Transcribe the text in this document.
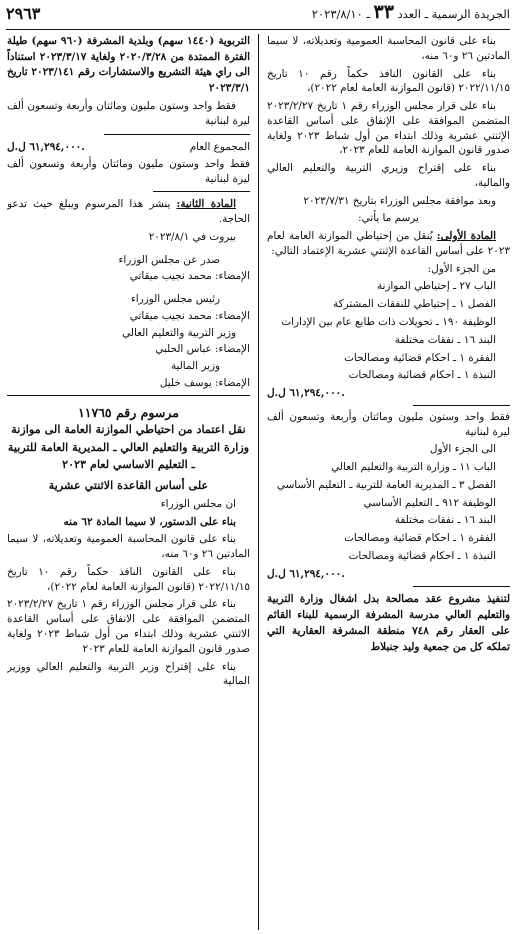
الجريدة الرسمية ـ العدد ٣٣ ـ ٢٠٢٣/٨/١٠
٢٩٦٣

بناء على قانون المحاسبة العمومية وتعديلاته، لا سيما المادتين ٢٦ و٦٠ منه،

بناء على القانون النافذ حكماً رقم ١٠ تاريخ ٢٠٢٢/١١/١٥ (قانون الموازنة العامة لعام ٢٠٢٢)،

بناء على قرار مجلس الوزراء رقم ١ تاريخ ٢٠٢٣/٢/٢٧ المتضمن الموافقة على الإنفاق على أساس القاعدة الإثنتي عشرية وذلك ابتداء من أول شباط ٢٠٢٣ ولغاية صدور قانون الموازنة العامة للعام ٢٠٢٣،

بناء على إقتراح وزيري التربية والتعليم العالي والمالية،

وبعد موافقة مجلس الوزراء بتاريخ ٢٠٢٣/٧/٣١

يرسم ما يأتي:

المادة الأولى: يُنقل من إحتياطي الموازنة العامة لعام ٢٠٢٣ على أساس القاعدة الإثنتي عشرية الإعتماد التالي:

من الجزء الأول:

الباب ٢٧ ـ إحتياطي الموازنة

الفصل ١ ـ إحتياطي للنفقات المشتركة

الوظيفة ١٩٠ ـ تحويلات ذات طابع عام بين الإدارات

البند ١٦ ـ نفقات مختلفة

الفقرة ١ ـ احكام قضائية ومصالحات

النبذة ١ ـ احكام قضائية ومصالحات

٦١,٢٩٤,٠٠٠ ل.ل.

فقط واحد وستون مليون ومائتان وأربعة وتسعون ألف ليرة لبنانية

الى الجزء الأول

الباب ١١ ـ وزارة التربية والتعليم العالي

الفصل ٣ ـ المديرية العامة للتربية ـ التعليم الأساسي

الوظيفة ٩١٢ ـ التعليم الأساسي

البند ١٦ ـ نفقات مختلفة

الفقرة ١ ـ احكام قضائية ومصالحات

النبذة ١ ـ احكام قضائية ومصالحات

٦١,٢٩٤,٠٠٠ ل.ل.

لتنفيذ مشروع عقد مصالحة بدل اشغال وزارة التربية والتعليم العالي مدرسة المشرفة الرسمية للبناء القائم على العقار رقم ٧٤٨ منطقة المشرفة العقارية التي تملكه كل من جمعية وليد جنبلاط

التربوية (١٤٤٠ سهم) وبلدية المشرفة (٩٦٠ سهم) طيلة الفترة الممتدة من ٢٠٢٠/٣/٢٨ ولغاية ٢٠٢٣/٣/١٧ استناداً الى راي هيئة التشريع والاستشارات رقم ٢٠٢٣/١٤١ تاريخ ٢٠٢٣/٣/١

فقط واحد وستون مليون ومائتان وأربعة وتسعون ألف ليرة لبنانية

المجموع العام
٦١,٢٩٤,٠٠٠ ل.ل.

فقط واحد وستون مليون ومائتان وأربعة وتسعون ألف ليرة لبنانية

المادة الثانية: ينشر هذا المرسوم ويبلغ حيث تدعو الحاجة.

بيروت في ٢٠٢٣/٨/١

صدر عن مجلس الوزراء

الإمضاء: محمد نجيب ميقاتي

رئيس مجلس الوزراء

الإمضاء: محمد نجيب ميقاتي

وزير التربية والتعليم العالي

الإمضاء: عباس الحلبي

وزير المالية

الإمضاء: يوسف خليل

مرسوم رقم ١١٧٦٥

نقل اعتماد من احتياطي الموازنة العامة الى موازنة وزارة التربية والتعليم العالي ـ المديرية العامة للتربية ـ التعليم الاساسي لعام ٢٠٢٣

على أساس القاعدة الاثنتي عشرية

ان مجلس الوزراء

بناء على الدستور، لا سيما المادة ٦٢ منه

بناء على قانون المحاسبة العمومية وتعديلاته، لا سيما المادتين ٢٦ و٦٠ منه،

بناء على القانون النافذ حكماً رقم ١٠ تاريخ ٢٠٢٢/١١/١٥ (قانون الموازنة العامة لعام ٢٠٢٢)،

بناء على قرار مجلس الوزراء رقم ١ تاريخ ٢٠٢٣/٢/٢٧ المتضمن الموافقة على الانفاق على أساس القاعدة الاثنتي عشرية وذلك ابتداء من أول شباط ٢٠٢٣ ولغاية صدور قانون الموازنة العامة للعام ٢٠٢٣

بناء على إقتراح وزير التربية والتعليم العالي ووزير المالية
